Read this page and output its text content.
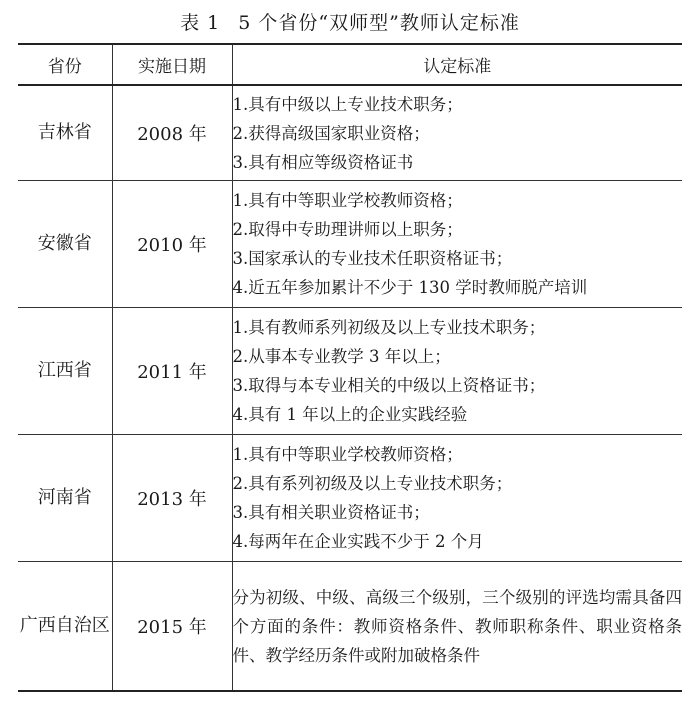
表 1 5 个省份“双师型”教师认定标准
省份	实施日期	认定标准
吉林省	2008 年	1.具有中级以上专业技术职务；
2.获得高级国家职业资格；
3.具有相应等级资格证书

安徽省	2010 年	1.具有中等职业学校教师资格；
2.取得中专助理讲师以上职务；
3.国家承认的专业技术任职资格证书；
4.近五年参加累计不少于 130 学时教师脱产培训

江西省	2011 年	1.具有教师系列初级及以上专业技术职务；
2.从事本专业教学 3 年以上；
3.取得与本专业相关的中级以上资格证书；
4.具有 1 年以上的企业实践经验

河南省	2013 年	1.具有中等职业学校教师资格；
2.具有系列初级及以上专业技术职务；
3.具有相关职业资格证书；
4.每两年在企业实践不少于 2 个月

广西自治区	2015 年	分为初级、中级、高级三个级别，三个级别的评选均需具备四个方面的条件：教师资格条件、教师职称条件、职业资格条件、教学经历条件或附加破格条件
